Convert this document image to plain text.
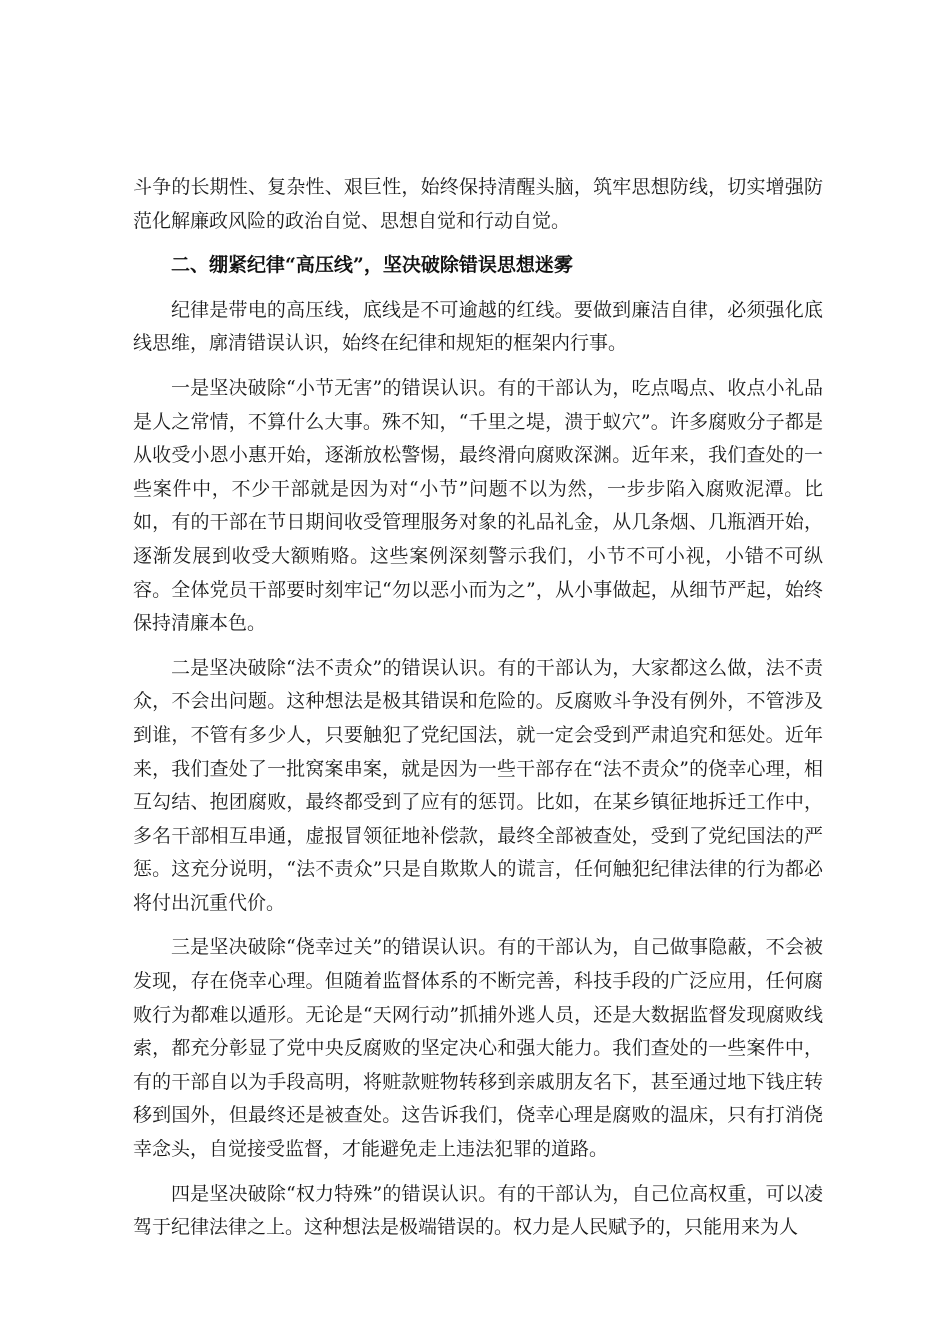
斗争的长期性、复杂性、艰巨性，始终保持清醒头脑，筑牢思想防线，切实增强防范化解廉政风险的政治自觉、思想自觉和行动自觉。

二、绷紧纪律“高压线”，坚决破除错误思想迷雾

纪律是带电的高压线，底线是不可逾越的红线。要做到廉洁自律，必须强化底线思维，廓清错误认识，始终在纪律和规矩的框架内行事。

一是坚决破除“小节无害”的错误认识。有的干部认为，吃点喝点、收点小礼品是人之常情，不算什么大事。殊不知，“千里之堤，溃于蚁穴”。许多腐败分子都是从收受小恩小惠开始，逐渐放松警惕，最终滑向腐败深渊。近年来，我们查处的一些案件中，不少干部就是因为对“小节”问题不以为然，一步步陷入腐败泥潭。比如，有的干部在节日期间收受管理服务对象的礼品礼金，从几条烟、几瓶酒开始，逐渐发展到收受大额贿赂。这些案例深刻警示我们，小节不可小视，小错不可纵容。全体党员干部要时刻牢记“勿以恶小而为之”，从小事做起，从细节严起，始终保持清廉本色。

二是坚决破除“法不责众”的错误认识。有的干部认为，大家都这么做，法不责众，不会出问题。这种想法是极其错误和危险的。反腐败斗争没有例外，不管涉及到谁，不管有多少人，只要触犯了党纪国法，就一定会受到严肃追究和惩处。近年来，我们查处了一批窝案串案，就是因为一些干部存在“法不责众”的侥幸心理，相互勾结、抱团腐败，最终都受到了应有的惩罚。比如，在某乡镇征地拆迁工作中，多名干部相互串通，虚报冒领征地补偿款，最终全部被查处，受到了党纪国法的严惩。这充分说明，“法不责众”只是自欺欺人的谎言，任何触犯纪律法律的行为都必将付出沉重代价。

三是坚决破除“侥幸过关”的错误认识。有的干部认为，自己做事隐蔽，不会被发现，存在侥幸心理。但随着监督体系的不断完善，科技手段的广泛应用，任何腐败行为都难以遁形。无论是“天网行动”抓捕外逃人员，还是大数据监督发现腐败线索，都充分彰显了党中央反腐败的坚定决心和强大能力。我们查处的一些案件中，有的干部自以为手段高明，将赃款赃物转移到亲戚朋友名下，甚至通过地下钱庄转移到国外，但最终还是被查处。这告诉我们，侥幸心理是腐败的温床，只有打消侥幸念头，自觉接受监督，才能避免走上违法犯罪的道路。

四是坚决破除“权力特殊”的错误认识。有的干部认为，自己位高权重，可以凌驾于纪律法律之上。这种想法是极端错误的。权力是人民赋予的，只能用来为人
